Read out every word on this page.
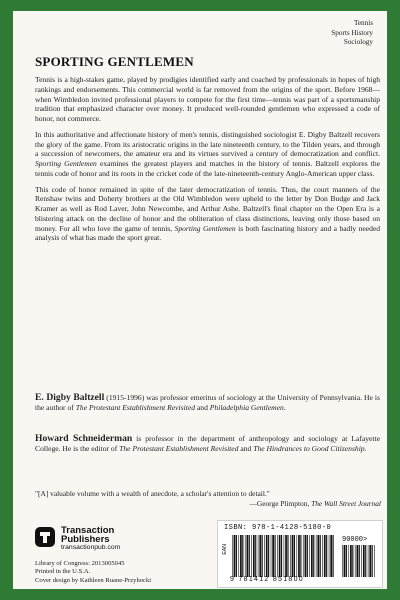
Tennis
Sports History
Sociology
SPORTING GENTLEMEN

Tennis is a high-stakes game, played by prodigies identified early and coached by professionals in hopes of high rankings and endorsements. This commercial world is far removed from the origins of the sport. Before 1968—when Wimbledon invited professional players to compete for the first time—tennis was part of a sportsmanship tradition that emphasized character over money. It produced well-rounded gentlemen who expressed a code of honor, not commerce.

In this authoritative and affectionate history of men's tennis, distinguished sociologist E. Digby Baltzell recovers the glory of the game. From its aristocratic origins in the late nineteenth century, to the Tilden years, and through a succession of newcomers, the amateur era and its virtues survived a century of democratization and conflict. Sporting Gentlemen examines the greatest players and matches in the history of tennis. Baltzell explores the tennis code of honor and its roots in the cricket code of the late-nineteenth-century Anglo-American upper class.

This code of honor remained in spite of the later democratization of tennis. Thus, the court manners of the Renshaw twins and Doherty brothers at the Old Wimbledon were upheld to the letter by Don Budge and Jack Kramer as well as Rod Laver, John Newcombe, and Arthur Ashe. Baltzell's final chapter on the Open Era is a blistering attack on the decline of honor and the obliteration of class distinctions, leaving only those based on money. For all who love the game of tennis, Sporting Gentlemen is both fascinating history and a badly needed analysis of what has made the sport great.

E. Digby Baltzell (1915-1996) was professor emeritus of sociology at the University of Pennsylvania. He is the author of The Protestant Establishment Revisited and Philadelphia Gentlemen.
Howard Schneiderman is professor in the department of anthropology and sociology at Lafayette College. He is the editor of The Protestant Establishment Revisited and The Hindrances to Good Citizenship.
"[A] valuable volume with a wealth of anecdote, a scholar's attention to detail."
—George Plimpton, The Wall Street Journal
Transaction
Publishers
transactionpub.com
Library of Congress: 2013005045
Printed in the U.S.A.
Cover design by Kathleen Ruane-Przyhocki
ISBN: 978-1-4128-5180-0
90000>
EAN
9 781412 851800
